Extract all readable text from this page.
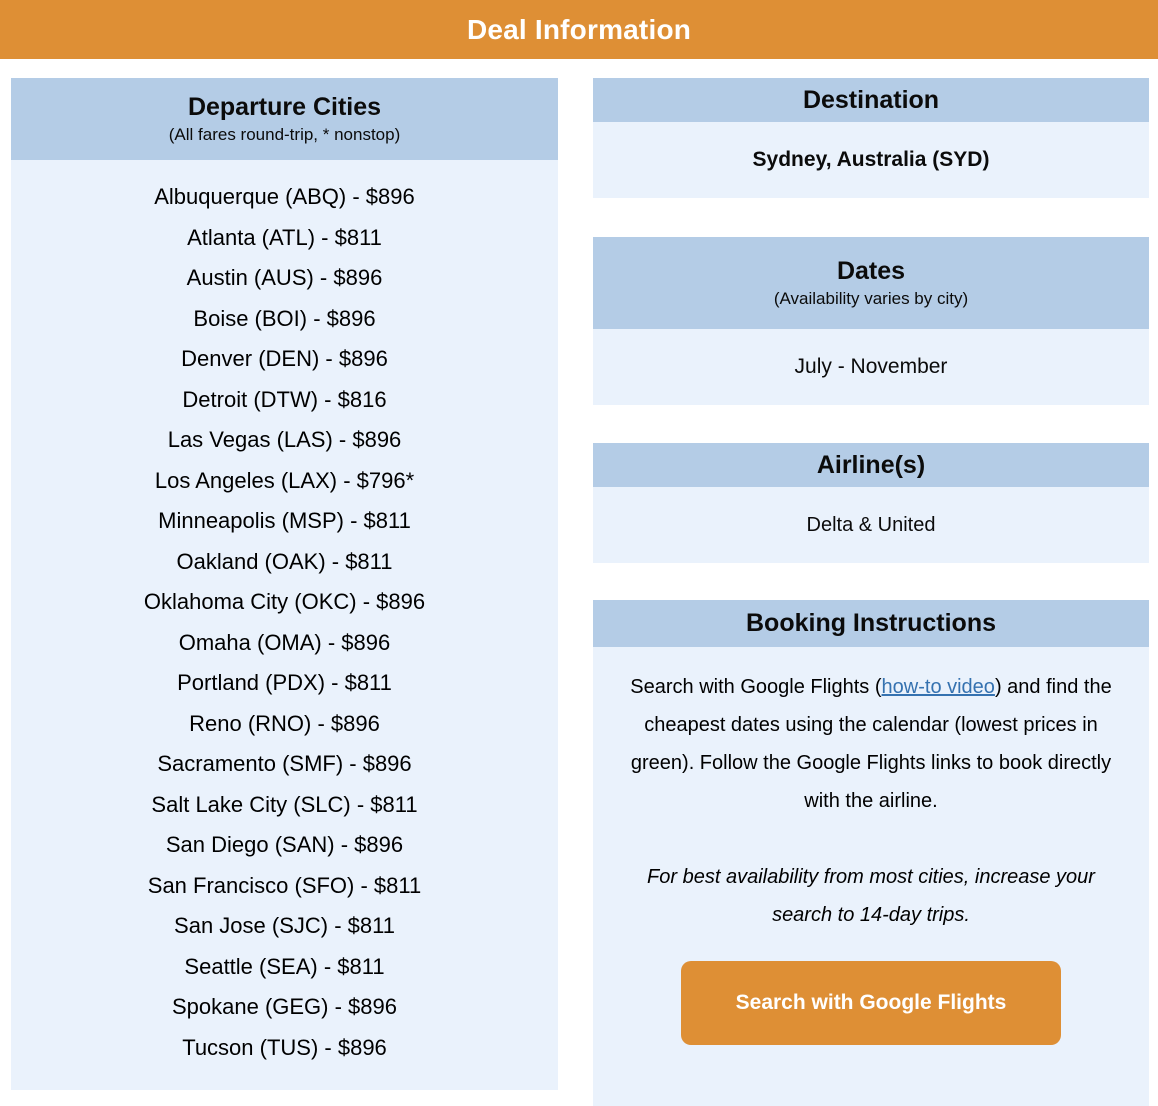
Deal Information
Departure Cities
(All fares round-trip, * nonstop)
Albuquerque (ABQ) - $896
Atlanta (ATL) - $811
Austin (AUS) - $896
Boise (BOI) - $896
Denver (DEN) - $896
Detroit (DTW) - $816
Las Vegas (LAS) - $896
Los Angeles (LAX) - $796*
Minneapolis (MSP) - $811
Oakland (OAK) - $811
Oklahoma City (OKC) - $896
Omaha (OMA) - $896
Portland (PDX) - $811
Reno (RNO) - $896
Sacramento (SMF) - $896
Salt Lake City (SLC) - $811
San Diego (SAN) - $896
San Francisco (SFO) - $811
San Jose (SJC) - $811
Seattle (SEA) - $811
Spokane (GEG) - $896
Tucson (TUS) - $896
Destination
Sydney, Australia (SYD)
Dates
(Availability varies by city)
July - November
Airline(s)
Delta & United
Booking Instructions

Search with Google Flights (how-to video) and find the cheapest dates using the calendar (lowest prices in green). Follow the Google Flights links to book directly with the airline.

For best availability from most cities, increase your search to 14-day trips.

Search with Google Flights
